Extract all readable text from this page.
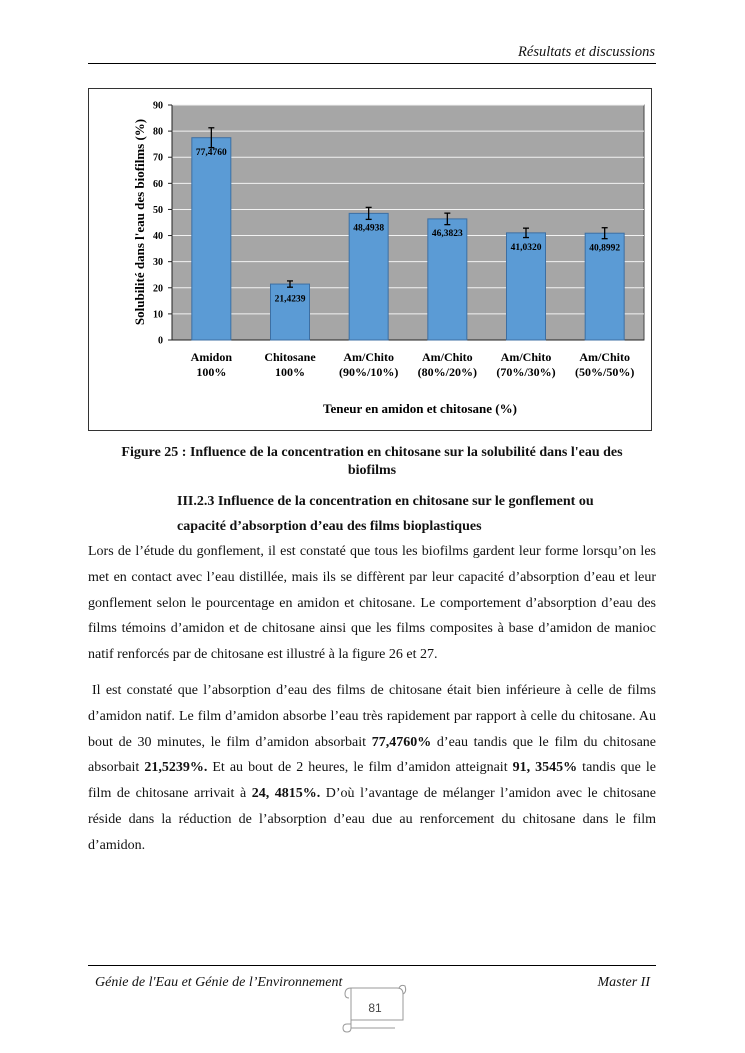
Résultats et discussions
0
10
20
30
40
50
60
70
80
90
77,4760
Amidon
100%
21,4239
Chitosane
100%
48,4938
Am/Chito
(90%/10%)
46,3823
Am/Chito
(80%/20%)
41,0320
Am/Chito
(70%/30%)
40,8992
Am/Chito
(50%/50%)
Teneur en amidon et chitosane (%)
Solubilité dans l'eau des biofilms (%)
Figure 25 : Influence de la concentration en chitosane sur la solubilité dans l'eau des
biofilms
III.2.3 Influence de la concentration en chitosane sur le gonflement ou
capacité d’absorption d’eau des films bioplastiques

Lors de l’étude du gonflement, il est constaté que tous les biofilms gardent leur forme lorsqu’on les met en contact avec l’eau distillée, mais ils se diffèrent par leur capacité d’absorption d’eau et leur gonflement selon le pourcentage en amidon et chitosane. Le comportement d’absorption d’eau des films témoins d’amidon et de chitosane ainsi que les films composites à base d’amidon de manioc natif renforcés par de chitosane est illustré à la figure 26 et 27.

Il est constaté que l’absorption d’eau des films de chitosane était bien inférieure à celle de films d’amidon natif. Le film d’amidon absorbe l’eau très rapidement par rapport à celle du chitosane. Au bout de 30 minutes, le film d’amidon absorbait 77,4760% d’eau tandis que le film du chitosane absorbait 21,5239%. Et au bout de 2 heures, le film d’amidon atteignait 91, 3545% tandis que le film de chitosane arrivait à 24, 4815%. D’où l’avantage de mélanger l’amidon avec le chitosane réside dans la réduction de l’absorption d’eau due au renforcement du chitosane dans le film d’amidon.

Génie de l'Eau et Génie de l’Environnement	Master II
81
